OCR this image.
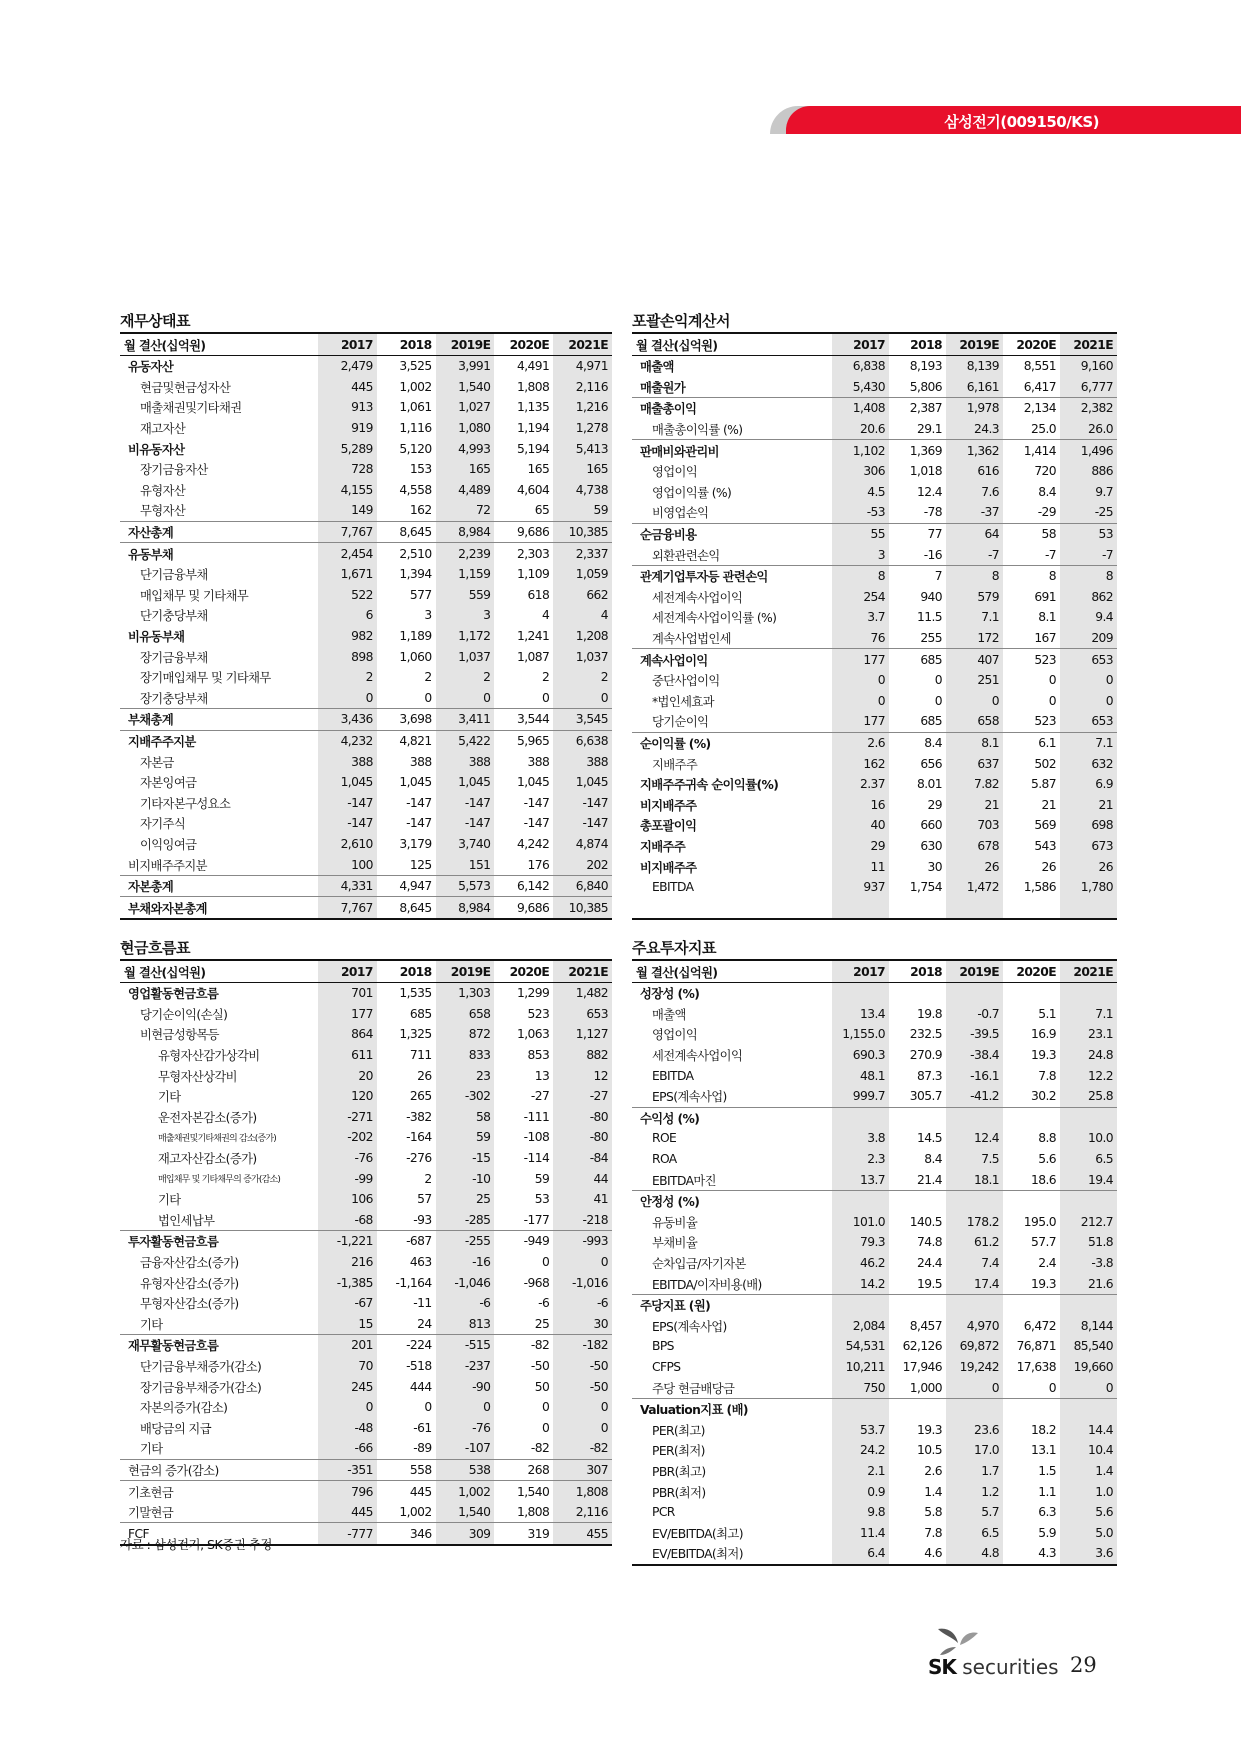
삼성전기(009150/KS)
재무상태표
월 결산(십억원)	2017	2018	2019E	2020E	2021E
유동자산	2,479	3,525	3,991	4,491	4,971
현금및현금성자산	445	1,002	1,540	1,808	2,116
매출채권및기타채권	913	1,061	1,027	1,135	1,216
재고자산	919	1,116	1,080	1,194	1,278
비유동자산	5,289	5,120	4,993	5,194	5,413
장기금융자산	728	153	165	165	165
유형자산	4,155	4,558	4,489	4,604	4,738
무형자산	149	162	72	65	59
자산총계	7,767	8,645	8,984	9,686	10,385
유동부채	2,454	2,510	2,239	2,303	2,337
단기금융부채	1,671	1,394	1,159	1,109	1,059
매입채무 및 기타채무	522	577	559	618	662
단기충당부채	6	3	3	4	4
비유동부채	982	1,189	1,172	1,241	1,208
장기금융부채	898	1,060	1,037	1,087	1,037
장기매입채무 및 기타채무	2	2	2	2	2
장기충당부채	0	0	0	0	0
부채총계	3,436	3,698	3,411	3,544	3,545
지배주주지분	4,232	4,821	5,422	5,965	6,638
자본금	388	388	388	388	388
자본잉여금	1,045	1,045	1,045	1,045	1,045
기타자본구성요소	-147	-147	-147	-147	-147
자기주식	-147	-147	-147	-147	-147
이익잉여금	2,610	3,179	3,740	4,242	4,874
비지배주주지분	100	125	151	176	202
자본총계	4,331	4,947	5,573	6,142	6,840
부채와자본총계	7,767	8,645	8,984	9,686	10,385
포괄손익계산서
월 결산(십억원)	2017	2018	2019E	2020E	2021E
매출액	6,838	8,193	8,139	8,551	9,160
매출원가	5,430	5,806	6,161	6,417	6,777
매출총이익	1,408	2,387	1,978	2,134	2,382
매출총이익률 (%)	20.6	29.1	24.3	25.0	26.0
판매비와관리비	1,102	1,369	1,362	1,414	1,496
영업이익	306	1,018	616	720	886
영업이익률 (%)	4.5	12.4	7.6	8.4	9.7
비영업손익	-53	-78	-37	-29	-25
순금융비용	55	77	64	58	53
외환관련손익	3	-16	-7	-7	-7
관계기업투자등 관련손익	8	7	8	8	8
세전계속사업이익	254	940	579	691	862
세전계속사업이익률 (%)	3.7	11.5	7.1	8.1	9.4
계속사업법인세	76	255	172	167	209
계속사업이익	177	685	407	523	653
중단사업이익	0	0	251	0	0
*법인세효과	0	0	0	0	0
당기순이익	177	685	658	523	653
순이익률 (%)	2.6	8.4	8.1	6.1	7.1
지배주주	162	656	637	502	632
지배주주귀속 순이익률(%)	2.37	8.01	7.82	5.87	6.9
비지배주주	16	29	21	21	21
총포괄이익	40	660	703	569	698
지배주주	29	630	678	543	673
비지배주주	11	30	26	26	26
EBITDA	937	1,754	1,472	1,586	1,780

현금흐름표
월 결산(십억원)	2017	2018	2019E	2020E	2021E
영업활동현금흐름	701	1,535	1,303	1,299	1,482
당기순이익(손실)	177	685	658	523	653
비현금성항목등	864	1,325	872	1,063	1,127
유형자산감가상각비	611	711	833	853	882
무형자산상각비	20	26	23	13	12
기타	120	265	-302	-27	-27
운전자본감소(증가)	-271	-382	58	-111	-80
매출채권및기타채권의 감소(증가)	-202	-164	59	-108	-80
재고자산감소(증가)	-76	-276	-15	-114	-84
매입채무 및 기타채무의 증가(감소)	-99	2	-10	59	44
기타	106	57	25	53	41
법인세납부	-68	-93	-285	-177	-218
투자활동현금흐름	-1,221	-687	-255	-949	-993
금융자산감소(증가)	216	463	-16	0	0
유형자산감소(증가)	-1,385	-1,164	-1,046	-968	-1,016
무형자산감소(증가)	-67	-11	-6	-6	-6
기타	15	24	813	25	30
재무활동현금흐름	201	-224	-515	-82	-182
단기금융부채증가(감소)	70	-518	-237	-50	-50
장기금융부채증가(감소)	245	444	-90	50	-50
자본의증가(감소)	0	0	0	0	0
배당금의 지급	-48	-61	-76	0	0
기타	-66	-89	-107	-82	-82
현금의 증가(감소)	-351	558	538	268	307
기초현금	796	445	1,002	1,540	1,808
기말현금	445	1,002	1,540	1,808	2,116
FCF	-777	346	309	319	455
주요투자지표
월 결산(십억원)	2017	2018	2019E	2020E	2021E
성장성 (%)					
매출액	13.4	19.8	-0.7	5.1	7.1
영업이익	1,155.0	232.5	-39.5	16.9	23.1
세전계속사업이익	690.3	270.9	-38.4	19.3	24.8
EBITDA	48.1	87.3	-16.1	7.8	12.2
EPS(계속사업)	999.7	305.7	-41.2	30.2	25.8
수익성 (%)					
ROE	3.8	14.5	12.4	8.8	10.0
ROA	2.3	8.4	7.5	5.6	6.5
EBITDA마진	13.7	21.4	18.1	18.6	19.4
안정성 (%)					
유동비율	101.0	140.5	178.2	195.0	212.7
부채비율	79.3	74.8	61.2	57.7	51.8
순차입금/자기자본	46.2	24.4	7.4	2.4	-3.8
EBITDA/이자비용(배)	14.2	19.5	17.4	19.3	21.6
주당지표 (원)					
EPS(계속사업)	2,084	8,457	4,970	6,472	8,144
BPS	54,531	62,126	69,872	76,871	85,540
CFPS	10,211	17,946	19,242	17,638	19,660
주당 현금배당금	750	1,000	0	0	0
Valuation지표 (배)					
PER(최고)	53.7	19.3	23.6	18.2	14.4
PER(최저)	24.2	10.5	17.0	13.1	10.4
PBR(최고)	2.1	2.6	1.7	1.5	1.4
PBR(최저)	0.9	1.4	1.2	1.1	1.0
PCR	9.8	5.8	5.7	6.3	5.6
EV/EBITDA(최고)	11.4	7.8	6.5	5.9	5.0
EV/EBITDA(최저)	6.4	4.6	4.8	4.3	3.6
자료 : 삼성전기, SK증권 추정
SK securities 29
